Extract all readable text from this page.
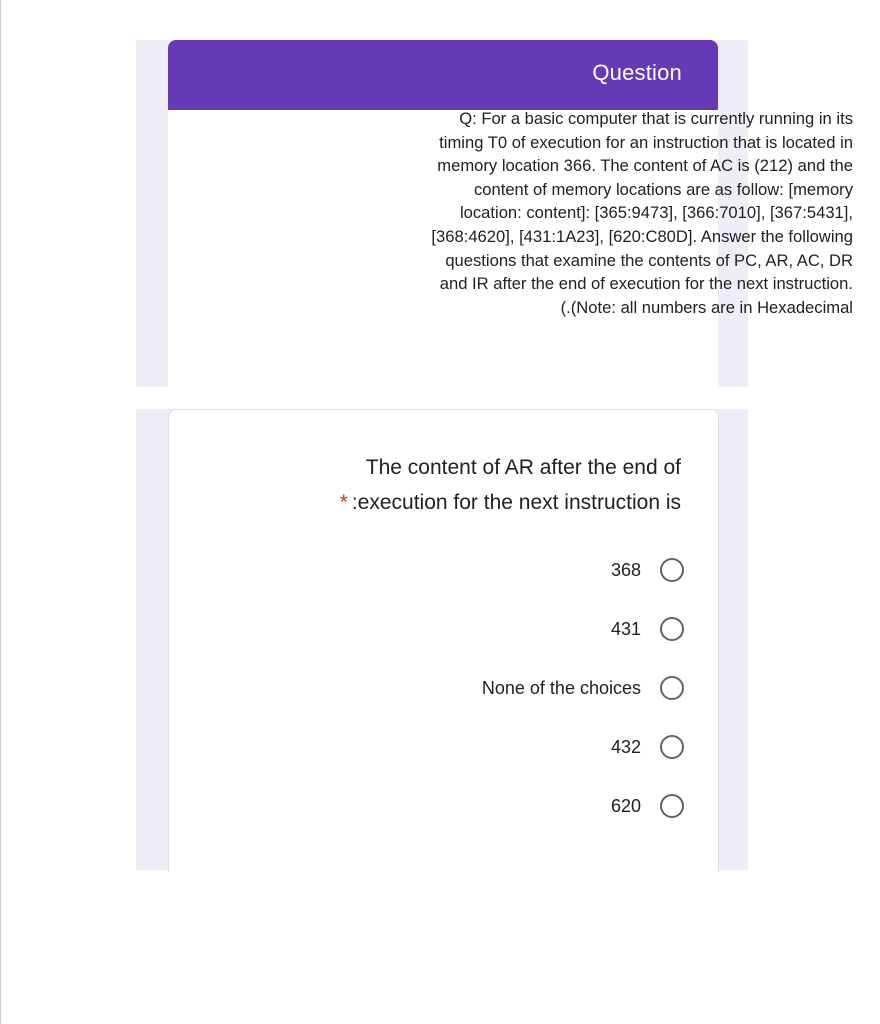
Question
Q: For a basic computer that is currently running in its
timing T0 of execution for an instruction that is located in
memory location 366. The content of AC is (212) and the
content of memory locations are as follow: [memory
location: content]: [365:9473], [366:7010], [367:5431],
[368:4620], [431:1A23], [620:C80D]. Answer the following
questions that examine the contents of PC, AR, AC, DR
and IR after the end of execution for the next instruction.
(.(Note: all numbers are in Hexadecimal
The content of AR after the end of
* :execution for the next instruction is
368
431
None of the choices
432
620
